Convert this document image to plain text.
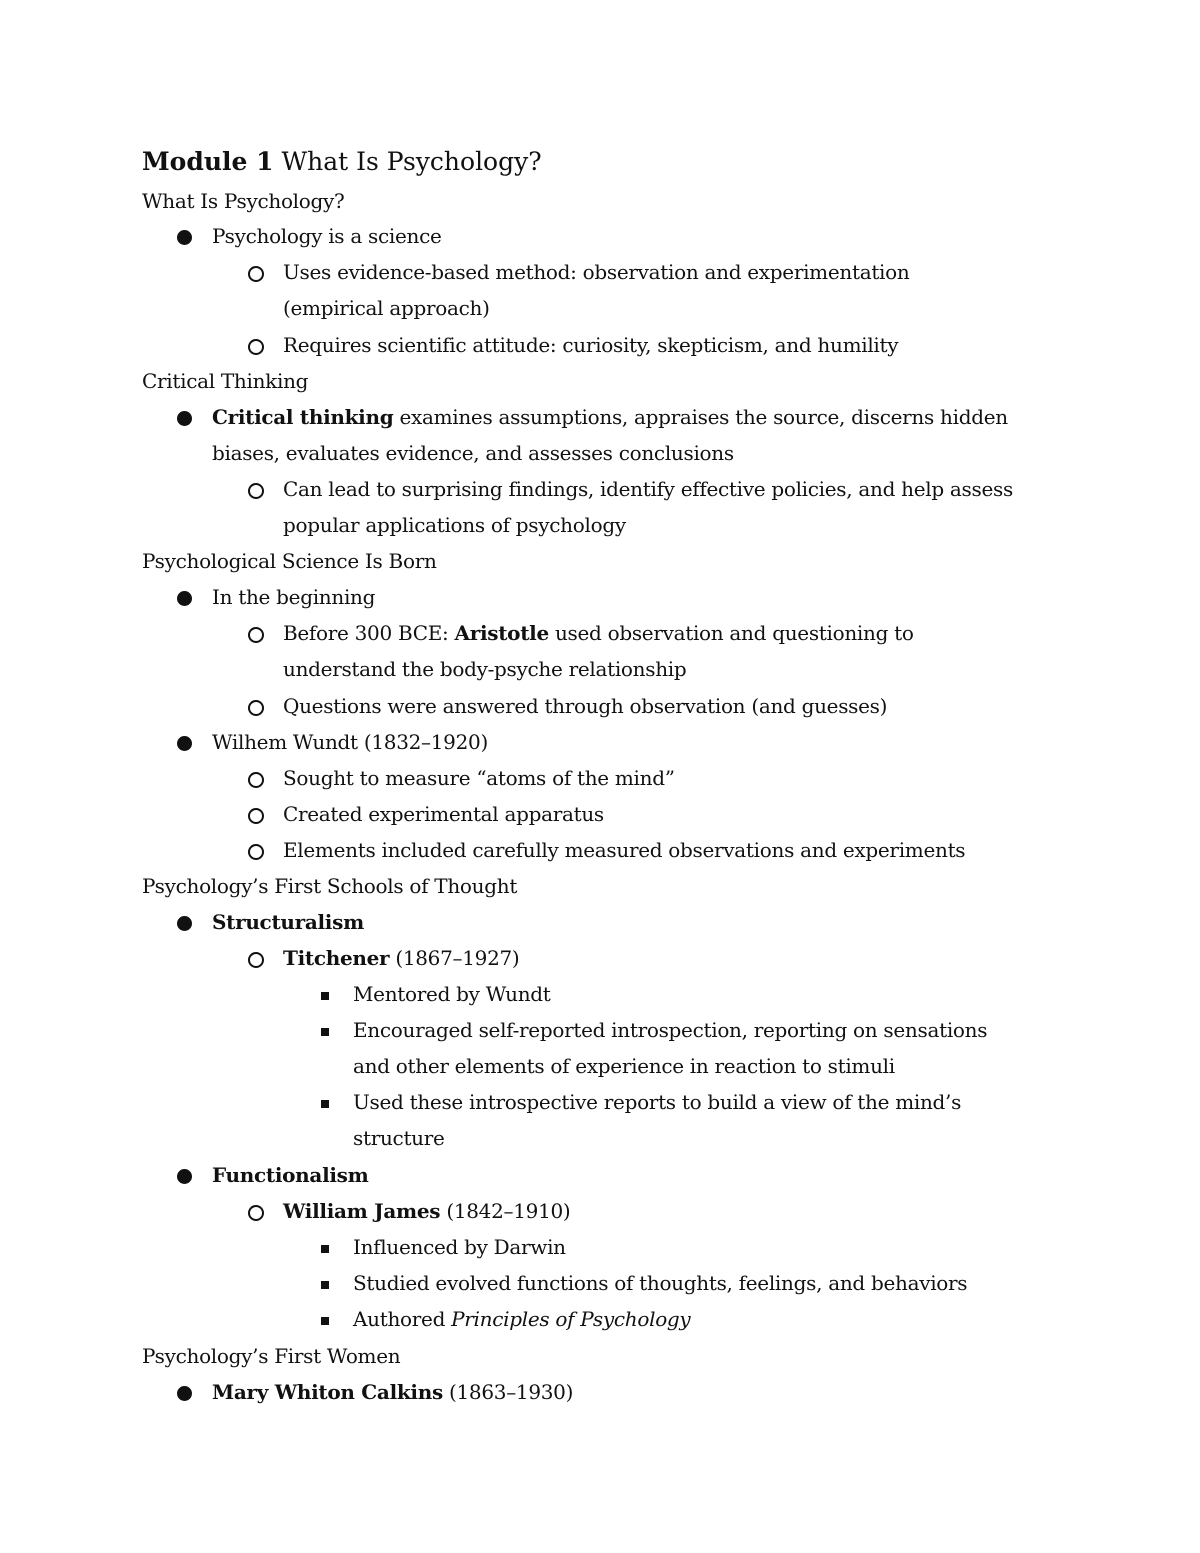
Module 1 What Is Psychology?
What Is Psychology?
Psychology is a science
Uses evidence-based method: observation and experimentation
(empirical approach)
Requires scientific attitude: curiosity, skepticism, and humility
Critical Thinking
Critical thinking examines assumptions, appraises the source, discerns hidden
biases, evaluates evidence, and assesses conclusions
Can lead to surprising findings, identify effective policies, and help assess
popular applications of psychology
Psychological Science Is Born
In the beginning
Before 300 BCE: Aristotle used observation and questioning to
understand the body-psyche relationship
Questions were answered through observation (and guesses)
Wilhem Wundt (1832–1920)
Sought to measure “atoms of the mind”
Created experimental apparatus
Elements included carefully measured observations and experiments
Psychology’s First Schools of Thought
Structuralism
Titchener (1867–1927)
Mentored by Wundt
Encouraged self-reported introspection, reporting on sensations
and other elements of experience in reaction to stimuli
Used these introspective reports to build a view of the mind’s
structure
Functionalism
William James (1842–1910)
Influenced by Darwin
Studied evolved functions of thoughts, feelings, and behaviors
Authored Principles of Psychology
Psychology’s First Women
Mary Whiton Calkins (1863–1930)
